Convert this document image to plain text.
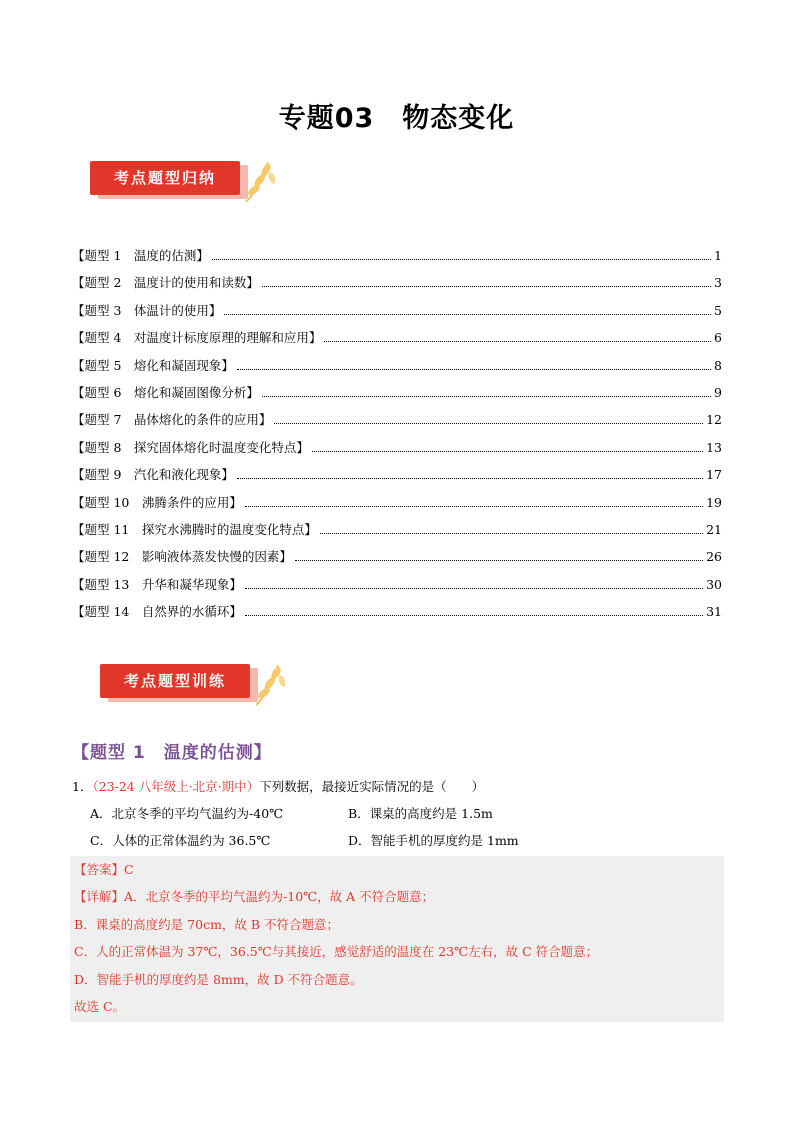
专题03　物态变化
考点题型归纳
【题型 1　温度的估测】	1
【题型 2　温度计的使用和读数】	3
【题型 3　体温计的使用】	5
【题型 4　对温度计标度原理的理解和应用】	6
【题型 5　熔化和凝固现象】	8
【题型 6　熔化和凝固图像分析】	9
【题型 7　晶体熔化的条件的应用】	12
【题型 8　探究固体熔化时温度变化特点】	13
【题型 9　汽化和液化现象】	17
【题型 10　沸腾条件的应用】	19
【题型 11　探究水沸腾时的温度变化特点】	21
【题型 12　影响液体蒸发快慢的因素】	26
【题型 13　升华和凝华现象】	30
【题型 14　自然界的水循环】	31
考点题型训练
【题型 1　温度的估测】
1．（23-24 八年级上·北京·期中）下列数据，最接近实际情况的是（　　）
A．北京冬季的平均气温约为-40℃	B．课桌的高度约是 1.5m
C．人体的正常体温约为 36.5℃	D．智能手机的厚度约是 1mm
【答案】C
【详解】A．北京冬季的平均气温约为-10℃，故 A 不符合题意；
B．课桌的高度约是 70cm，故 B 不符合题意；
C．人的正常体温为 37℃，36.5℃与其接近，感觉舒适的温度在 23℃左右，故 C 符合题意；
D．智能手机的厚度约是 8mm，故 D 不符合题意。
故选 C。
